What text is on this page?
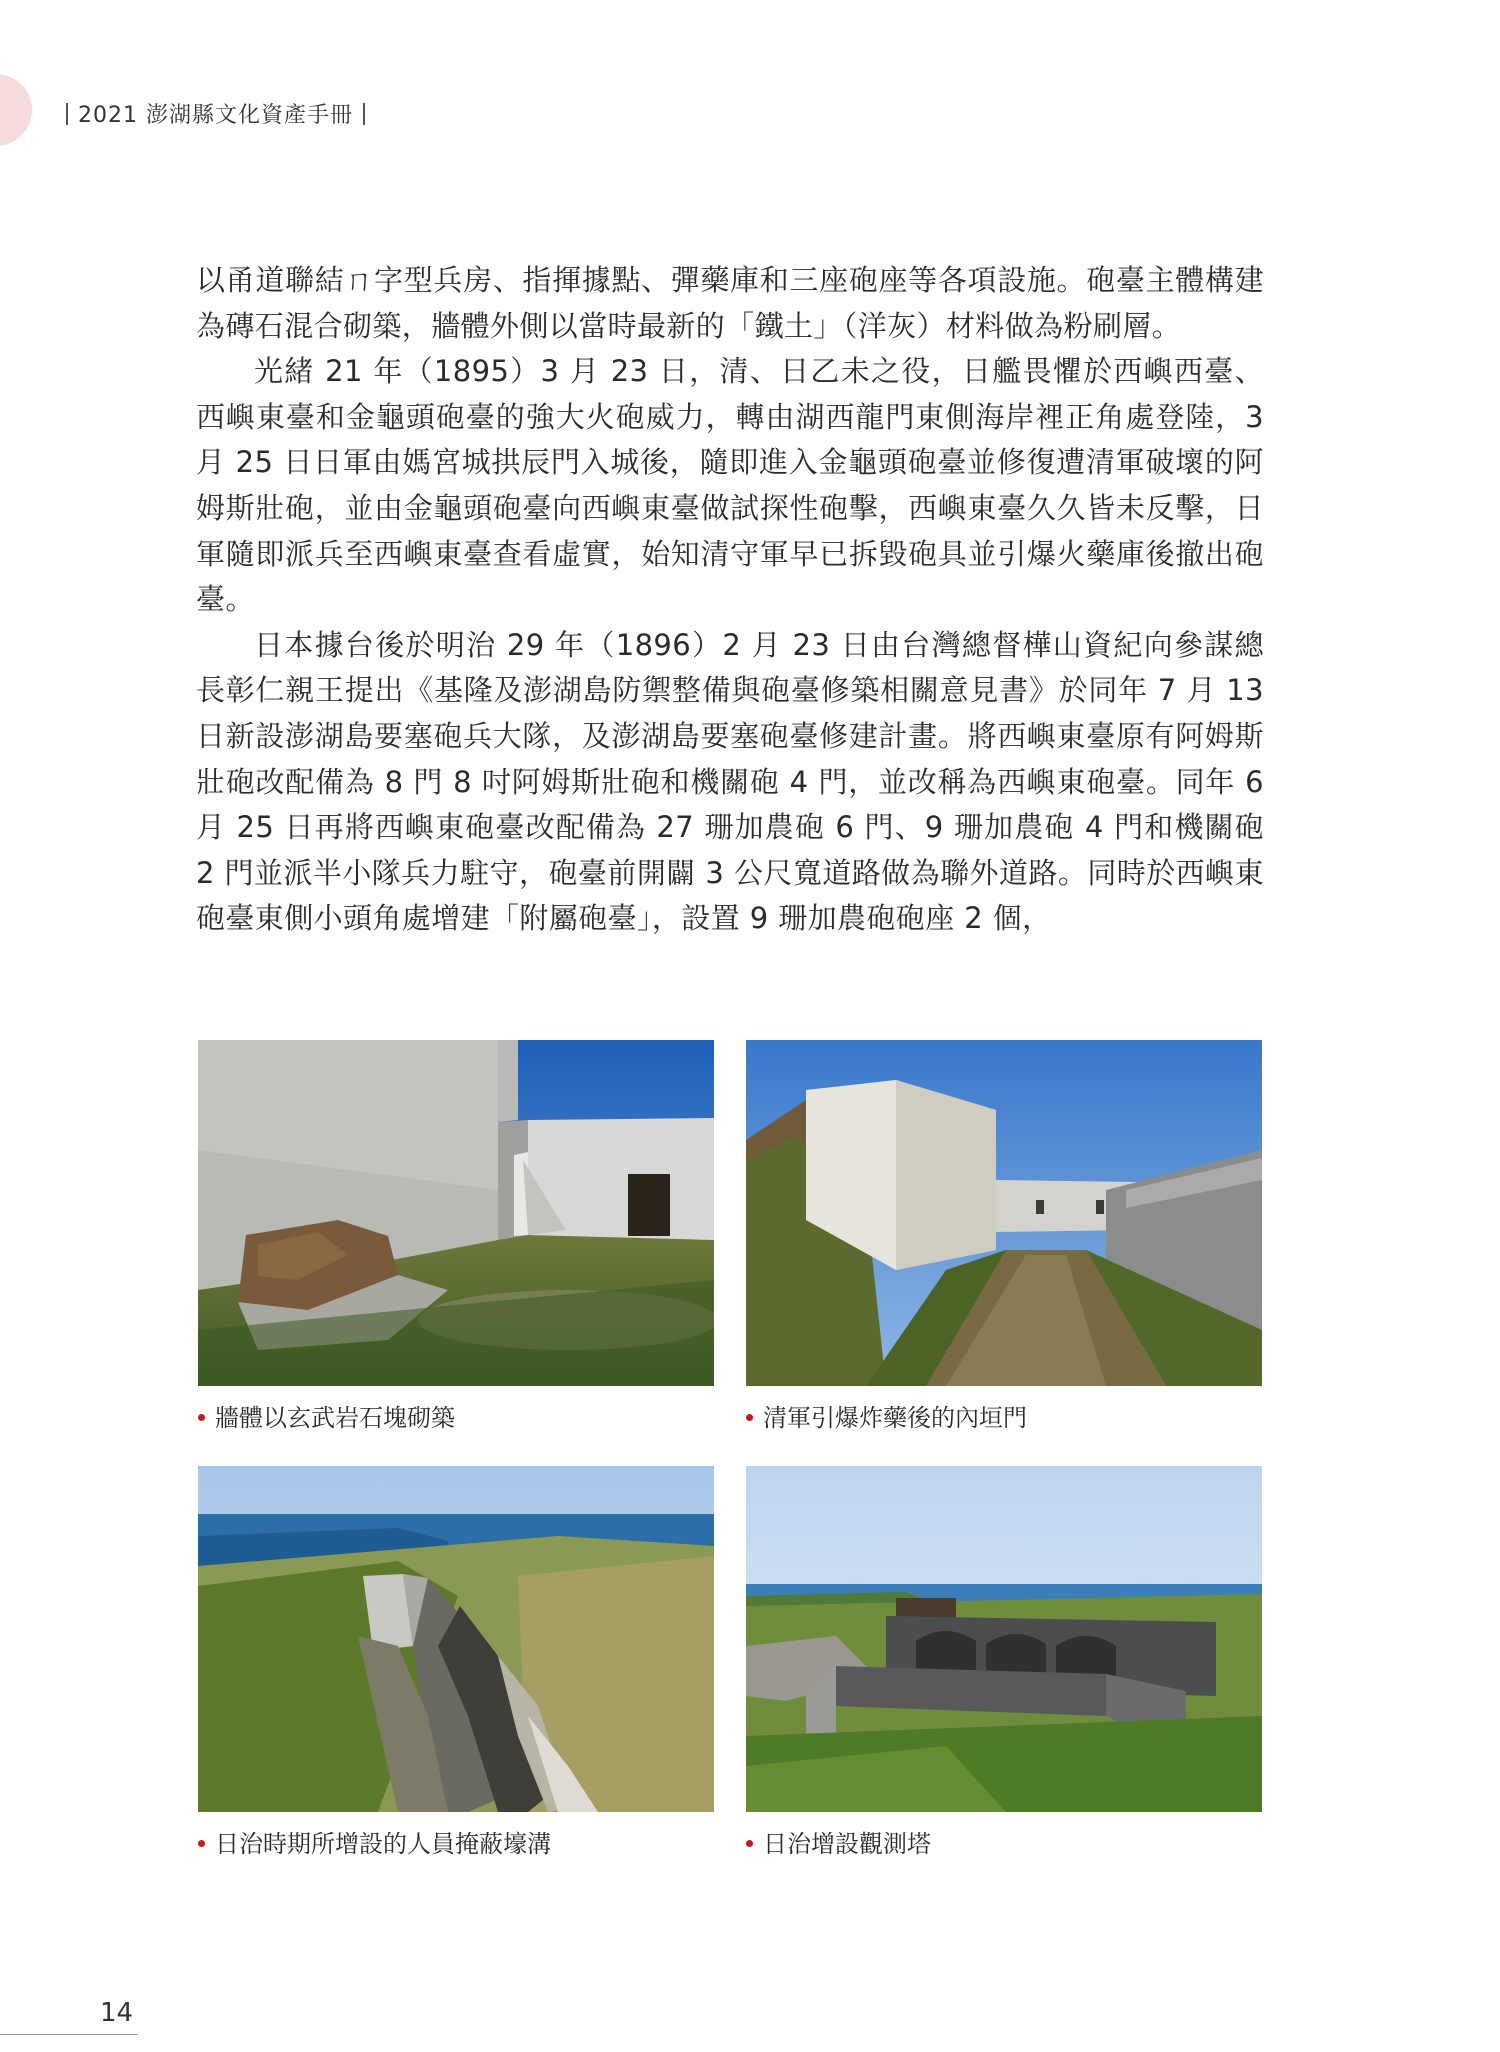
2021 澎湖縣文化資產手冊

以甬道聯結ㄇ字型兵房、指揮據點、彈藥庫和三座砲座等各項設施。砲臺主體構建為磚石混合砌築，牆體外側以當時最新的「鐵土」（洋灰）材料做為粉刷層。

光緒 21 年（1895）3 月 23 日，清、日乙未之役，日艦畏懼於西嶼西臺、西嶼東臺和金龜頭砲臺的強大火砲威力，轉由湖西龍門東側海岸裡正角處登陸，3 月 25 日日軍由媽宮城拱辰門入城後，隨即進入金龜頭砲臺並修復遭清軍破壞的阿姆斯壯砲，並由金龜頭砲臺向西嶼東臺做試探性砲擊，西嶼東臺久久皆未反擊，日軍隨即派兵至西嶼東臺查看虛實，始知清守軍早已拆毀砲具並引爆火藥庫後撤出砲臺。

日本據台後於明治 29 年（1896）2 月 23 日由台灣總督樺山資紀向參謀總長彰仁親王提出《基隆及澎湖島防禦整備與砲臺修築相關意見書》於同年 7 月 13 日新設澎湖島要塞砲兵大隊，及澎湖島要塞砲臺修建計畫。將西嶼東臺原有阿姆斯壯砲改配備為 8 門 8 吋阿姆斯壯砲和機關砲 4 門，並改稱為西嶼東砲臺。同年 6 月 25 日再將西嶼東砲臺改配備為 27 珊加農砲 6 門、9 珊加農砲 4 門和機關砲 2 門並派半小隊兵力駐守，砲臺前開闢 3 公尺寬道路做為聯外道路。同時於西嶼東砲臺東側小頭角處增建「附屬砲臺」，設置 9 珊加農砲砲座 2 個，

牆體以玄武岩石塊砌築	清軍引爆炸藥後的內垣門
日治時期所增設的人員掩蔽壕溝	日治增設觀測塔
14
